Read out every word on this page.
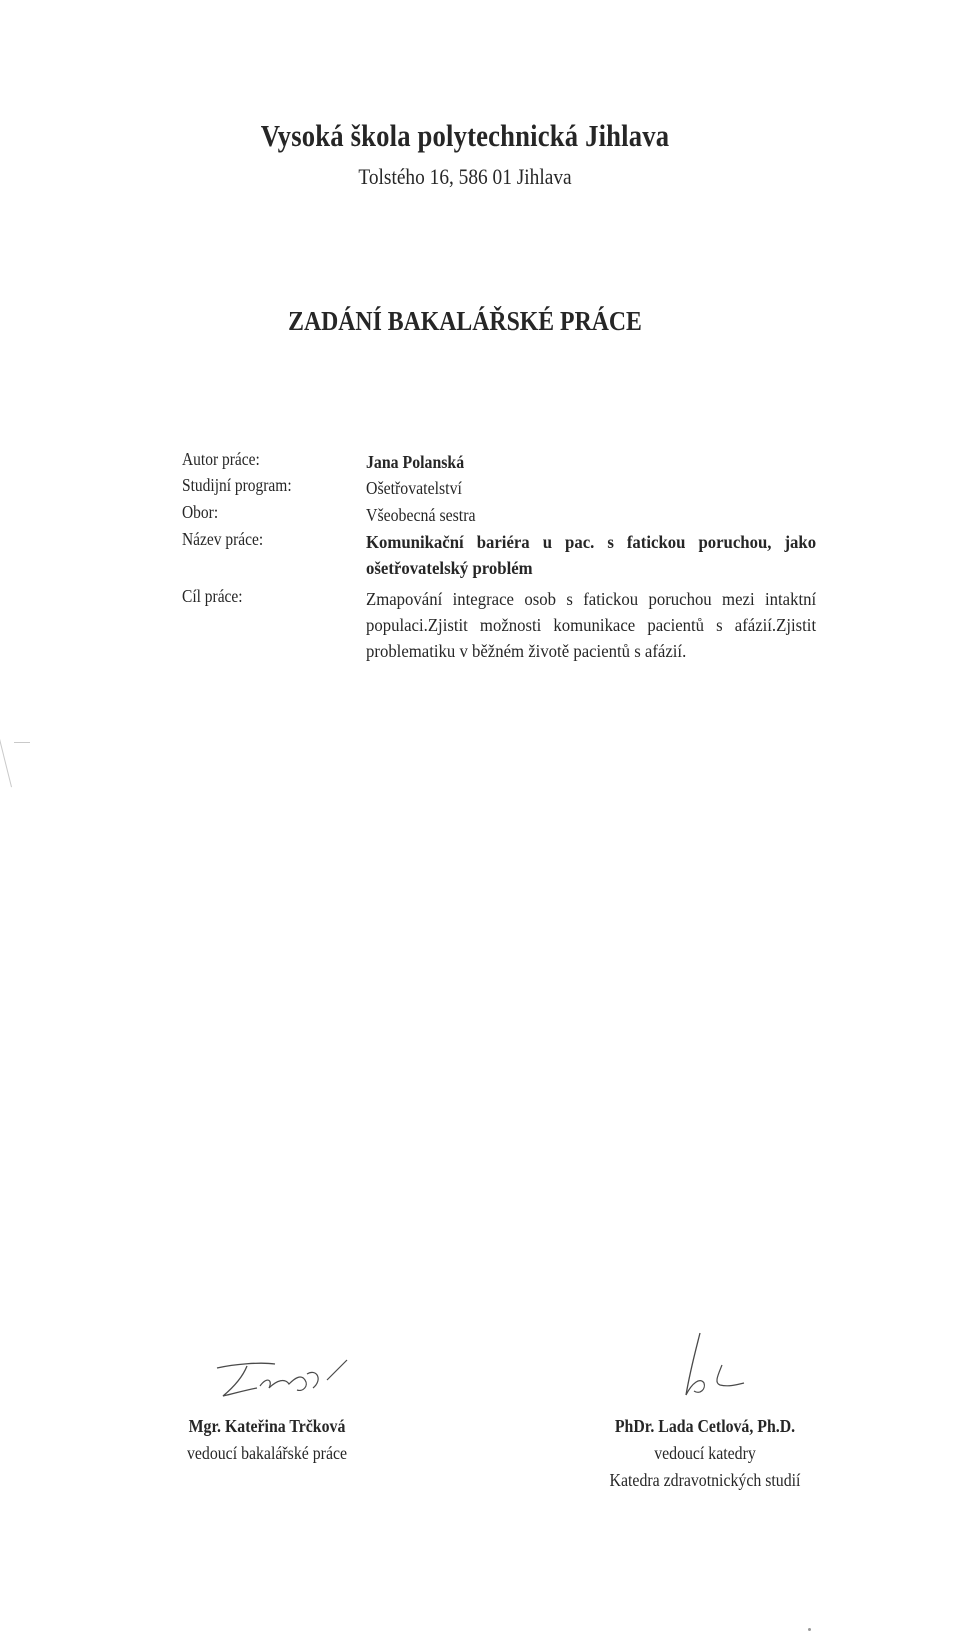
Vysoká škola polytechnická Jihlava
Tolstého 16, 586 01 Jihlava
ZADÁNÍ BAKALÁŘSKÉ PRÁCE
Autor práce:	Jana Polanská
Studijní program:	Ošetřovatelství
Obor:	Všeobecná sestra
Název práce:	Komunikační bariéra u pac. s fatickou poruchou, jako ošetřovatelský problém
Cíl práce:	Zmapování integrace osob s fatickou poruchou mezi intaktní populaci.Zjistit možnosti komunikace pacientů s afázií.Zjistit problematiku v běžném životě pacientů s afázií.
Mgr. Kateřina Trčková
vedoucí bakalářské práce
PhDr. Lada Cetlová, Ph.D.
vedoucí katedry
Katedra zdravotnických studií
